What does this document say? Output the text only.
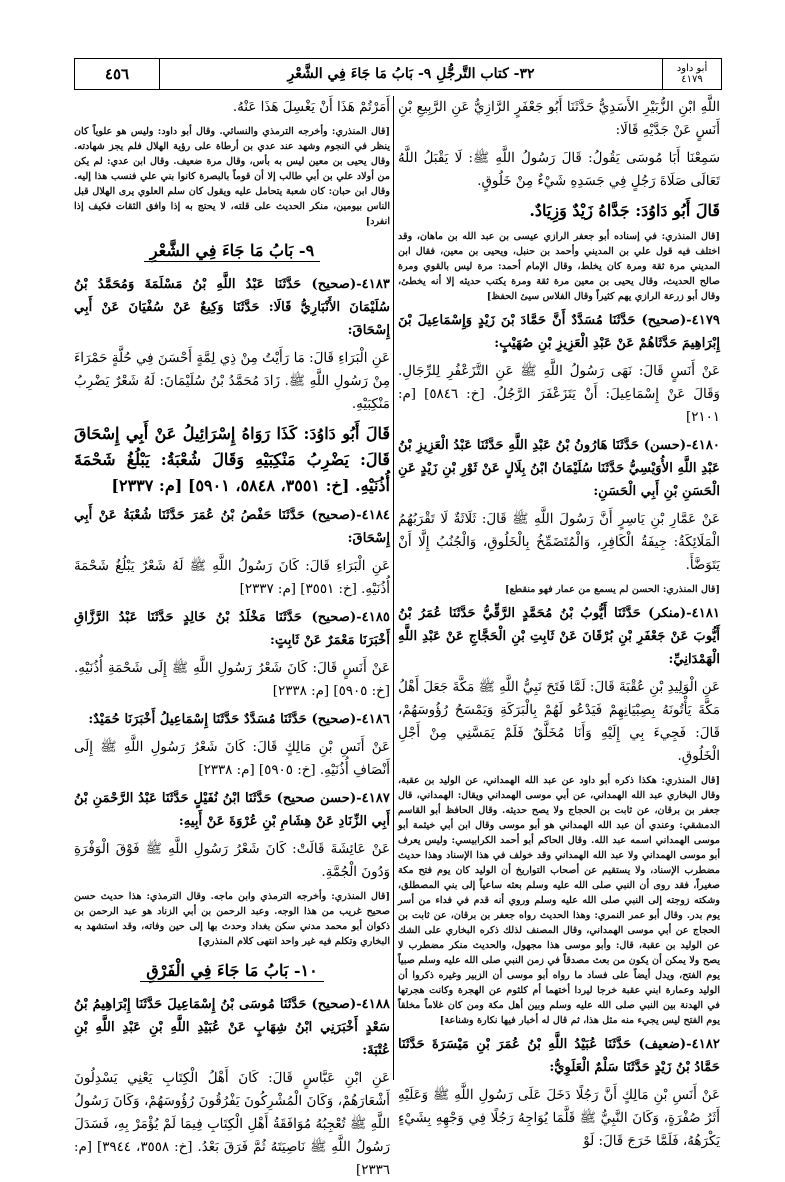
أبو داود
٤١٧٩
٣٢- كتاب التَّرجُّلِ ٩- بَابُ مَا جَاءَ فِي الشَّعْرِ
٤٥٦
اللَّهِ ابْنِ الزُّبَيْرِ الأَسَدِيُّ حَدَّثَنَا أَبُو جَعْفَرٍ الرَّازِيُّ عَنِ الرَّبِيعِ بْنِ أَنَسٍ عَنْ جَدَّيْهِ قَالَا:
سَمِعْنَا أَبَا مُوسَى يَقُولُ: قَالَ رَسُولُ اللَّهِ ﷺ: لَا يَقْبَلُ اللَّهُ تَعَالَى صَلَاةَ رَجُلٍ فِي جَسَدِهِ شَيْءٌ مِنْ خَلُوقٍ.
قَالَ أَبُو دَاوُدَ: جَدَّاهُ زَيْدٌ وَزِيَادٌ.
[قال المنذري: في إسناده أبو جعفر الرازي عيسى بن عبد الله بن ماهان، وقد اختلف فيه قول علي بن المديني وأحمد بن حنبل، ويحيى بن معين، فقال ابن المديني مرة ثقة ومرة كان يخلط، وقال الإمام أحمد: مرة ليس بالقوي ومرة صالح الحديث، وقال يحيى بن معين مرة ثقة ومرة يكتب حديثه إلا أنه يخطئ، وقال أبو زرعة الرازي يهم كثيراً وقال الفلاس سيئ الحفظ]
٤١٧٩-(صحيح) حَدَّثَنَا مُسَدَّدٌ أَنَّ حَمَّادَ بْنَ زَيْدٍ وَإِسْمَاعِيلَ بْنَ إِبْرَاهِيمَ حَدَّثَاهُمْ عَنْ عَبْدِ الْعَزِيزِ بْنِ صُهَيْبٍ:
عَنْ أَنَسٍ قَالَ: نَهَى رَسُولُ اللَّهِ ﷺ عَنِ التَّزَعْفُرِ لِلرِّجَالِ. وَقَالَ عَنْ إِسْمَاعِيلَ: أَنْ يَتَزَعْفَرَ الرَّجُلُ. [خ: ٥٨٤٦] [م: ٢١٠١]
٤١٨٠-(حسن) حَدَّثَنَا هَارُونُ بْنُ عَبْدِ اللَّهِ حَدَّثَنَا عَبْدُ الْعَزِيزِ بْنُ عَبْدِ اللَّهِ الأُوَيْسِيُّ حَدَّثَنَا سُلَيْمَانُ ابْنُ بِلَالٍ عَنْ ثَوْرِ بْنِ زَيْدٍ عَنِ الْحَسَنِ بْنِ أَبِي الْحَسَنِ:
عَنْ عَمَّارِ بْنِ يَاسِرٍ أَنَّ رَسُولَ اللَّهِ ﷺ قَالَ: ثَلَاثَةٌ لَا تَقْرَبُهُمُ الْمَلَائِكَةُ: جِيفَةُ الْكَافِرِ، وَالْمُتَضَمِّخُ بِالْخَلُوقِ، وَالْجُنُبُ إِلَّا أَنْ يَتَوَضَّأَ.
[قال المنذري: الحسن لم يسمع من عمار فهو منقطع]
٤١٨١-(منكر) حَدَّثَنَا أَيُّوبُ بْنُ مُحَمَّدٍ الرَّقِّيُّ حَدَّثَنَا عُمَرُ بْنُ أَيُّوبَ عَنْ جَعْفَرِ بْنِ بُرْقَانَ عَنْ ثَابِتِ بْنِ الْحَجَّاجِ عَنْ عَبْدِ اللَّهِ الْهَمْدَانِيِّ:
عَنِ الْوَلِيدِ بْنِ عُقْبَةَ قَالَ: لَمَّا فَتَحَ نَبِيُّ اللَّهِ ﷺ مَكَّةَ جَعَلَ أَهْلُ مَكَّةَ يَأْتُونَهُ بِصِبْيَانِهِمْ فَيَدْعُو لَهُمْ بِالْبَرَكَةِ وَيَمْسَحُ رُؤُوسَهُمْ، قَالَ: فَجِيءَ بِي إِلَيْهِ وَأَنَا مُخَلَّقٌ فَلَمْ يَمَسَّنِي مِنْ أَجْلِ الْخَلُوقِ.
[قال المنذري: هكذا ذكره أبو داود عن عبد الله الهمداني، عن الوليد بن عقبة، وقال البخاري عبد الله الهمداني، عن أبي موسى الهمداني ويقال: الهمداني، قال جعفر بن برقان، عن ثابت بن الحجاج ولا يصح حديثه. وقال الحافظ أبو القاسم الدمشقي: وعندي أن عبد الله الهمداني هو أبو موسى وقال ابن أبي خيثمة أبو موسى الهمداني اسمه عبد الله. وقال الحاكم أبو أحمد الكرابيسي: وليس يعرف أبو موسى الهمداني ولا عبد الله الهمداني وقد خولف في هذا الإسناد وهذا حديث مضطرب الإسناد، ولا يستقيم عن أصحاب التواريخ أن الوليد كان يوم فتح مكة صغيراً، فقد روى أن النبي صلى الله عليه وسلم بعثه ساعياً إلى بني المصطلق، وشكته زوجته إلى النبي صلى الله عليه وسلم وروي أنه قدم في فداء من أسر يوم بدر. وقال أبو عمر النمري: وهذا الحديث رواه جعفر بن برقان، عن ثابت بن الحجاج عن أبي موسى الهمداني، وقال المصنف لذلك ذكره البخاري على الشك عن الوليد بن عقبة، قال: وأبو موسى هذا مجهول، والحديث منكر مضطرب لا يصح ولا يمكن أن يكون من بعث مصدقاً في زمن النبي صلى الله عليه وسلم صبياً يوم الفتح، ويدل أيضاً على فساد ما رواه أبو موسى أن الزبير وغيره ذكروا أن الوليد وعمارة ابني عقبة خرجا ليردا أختهما أم كلثوم عن الهجرة وكانت هجرتها في الهدنة بين النبي صلى الله عليه وسلم وبين أهل مكة ومن كان غلاماً مخلقاً يوم الفتح ليس يجيء منه مثل هذا، ثم قال له أخبار فيها نكارة وشناعة]
٤١٨٢-(ضعيف) حَدَّثَنَا عُبَيْدُ اللَّهِ بْنُ عُمَرَ بْنِ مَيْسَرَةَ حَدَّثَنَا حَمَّادُ بْنُ زَيْدٍ حَدَّثَنَا سَلْمٌ الْعَلَوِيُّ:
عَنْ أَنَسِ بْنِ مَالِكٍ أَنَّ رَجُلًا دَخَلَ عَلَى رَسُولِ اللَّهِ ﷺ وَعَلَيْهِ أَثَرُ صُفْرَةٍ، وَكَانَ النَّبِيُّ ﷺ قَلَّمَا يُوَاجِهُ رَجُلًا فِي وَجْهِهِ بِشَيْءٍ يَكْرَهُهُ، فَلَمَّا خَرَجَ قَالَ: لَوْ
أَمَرْتُمْ هَذَا أَنْ يَغْسِلَ هَذَا عَنْهُ.
[قال المنذري: وأخرجه الترمذي والنسائي. وقال أبو داود: وليس هو علوياً كان ينظر في النجوم وشهد عند عدي بن أرطاة على رؤية الهلال فلم يجز شهادته. وقال يحيى بن معين ليس به بأس، وقال مرة ضعيف. وقال ابن عدي: لم يكن من أولاد علي بن أبي طالب إلا أن قوماً بالبصرة كانوا بني علي فنسب هذا إليه. وقال ابن حبان: كان شعبة يتحامل عليه ويقول كان سلم العلوي يرى الهلال قبل الناس بيومين، منكر الحديث على قلته، لا يحتج به إذا وافق الثقات فكيف إذا انفرد]
٩- بَابُ مَا جَاءَ فِي الشَّعْرِ
٤١٨٣-(صحيح) حَدَّثَنَا عَبْدُ اللَّهِ بْنُ مَسْلَمَةَ وَمُحَمَّدُ بْنُ سُلَيْمَانَ الأَنْبَارِيُّ قَالَا: حَدَّثَنَا وَكِيعٌ عَنْ سُفْيَانَ عَنْ أَبِي إِسْحَاقَ:
عَنِ الْبَرَاءِ قَالَ: مَا رَأَيْتُ مِنْ ذِي لِمَّةٍ أَحْسَنَ فِي حُلَّةٍ حَمْرَاءَ مِنْ رَسُولِ اللَّهِ ﷺ. زَادَ مُحَمَّدُ بْنُ سُلَيْمَانَ: لَهُ شَعْرٌ يَضْرِبُ مَنْكِبَيْهِ.
قَالَ أَبُو دَاوُدَ: كَذَا رَوَاهُ إِسْرَائِيلُ عَنْ أَبِي إِسْحَاقَ قَالَ: يَضْرِبُ مَنْكِبَيْهِ وَقَالَ شُعْبَةُ: يَبْلُغُ شَحْمَةَ أُذُنَيْهِ. [خ: ٣٥٥١، ٥٨٤٨، ٥٩٠١] [م: ٢٣٣٧]
٤١٨٤-(صحيح) حَدَّثَنَا حَفْصُ بْنُ عُمَرَ حَدَّثَنَا شُعْبَةُ عَنْ أَبِي إِسْحَاقَ:
عَنِ الْبَرَاءِ قَالَ: كَانَ رَسُولُ اللَّهِ ﷺ لَهُ شَعْرٌ يَبْلُغُ شَحْمَةَ أُذُنَيْهِ. [خ: ٣٥٥١] [م: ٢٣٣٧]
٤١٨٥-(صحيح) حَدَّثَنَا مَخْلَدُ بْنُ خَالِدٍ حَدَّثَنَا عَبْدُ الرَّزَّاقِ أَخْبَرَنَا مَعْمَرٌ عَنْ ثَابِتٍ:
عَنْ أَنَسٍ قَالَ: كَانَ شَعْرُ رَسُولِ اللَّهِ ﷺ إِلَى شَحْمَةِ أُذُنَيْهِ. [خ: ٥٩٠٥] [م: ٢٣٣٨]
٤١٨٦-(صحيح) حَدَّثَنَا مُسَدَّدٌ حَدَّثَنَا إِسْمَاعِيلُ أَخْبَرَنَا حُمَيْدٌ:
عَنْ أَنَسِ بْنِ مَالِكٍ قَالَ: كَانَ شَعْرُ رَسُولِ اللَّهِ ﷺ إِلَى أَنْصَافِ أُذُنَيْهِ. [خ: ٥٩٠٥] [م: ٢٣٣٨]
٤١٨٧-(حسن صحيح) حَدَّثَنَا ابْنُ نُفَيْلٍ حَدَّثَنَا عَبْدُ الرَّحْمَنِ بْنُ أَبِي الزِّنَادِ عَنْ هِشَامِ بْنِ عُرْوَةَ عَنْ أَبِيهِ:
عَنْ عَائِشَةَ قَالَتْ: كَانَ شَعْرُ رَسُولِ اللَّهِ ﷺ فَوْقَ الْوَفْرَةِ وَدُونَ الْجُمَّةِ.
[قال المنذري: وأخرجه الترمذي وابن ماجه. وقال الترمذي: هذا حديث حسن صحيح غريب من هذا الوجه. وعبد الرحمن بن أبي الزناد هو عبد الرحمن بن ذكوان أبو محمد مدني سكن بغداد وحدث بها إلى حين وفاته، وقد استشهد به البخاري وتكلم فيه غير واحد انتهى كلام المنذري]
١٠- بَابُ مَا جَاءَ فِي الْفَرْقِ
٤١٨٨-(صحيح) حَدَّثَنَا مُوسَى بْنُ إِسْمَاعِيلَ حَدَّثَنَا إِبْرَاهِيمُ بْنُ سَعْدٍ أَخْبَرَنِي ابْنُ شِهَابٍ عَنْ عُبَيْدِ اللَّهِ بْنِ عَبْدِ اللَّهِ بْنِ عُتْبَةَ:
عَنِ ابْنِ عَبَّاسٍ قَالَ: كَانَ أَهْلُ الْكِتَابِ يَعْنِي يَسْدِلُونَ أَشْعَارَهُمْ، وَكَانَ الْمُشْرِكُونَ يَفْرُقُونَ رُؤُوسَهُمْ، وَكَانَ رَسُولُ اللَّهِ ﷺ تُعْجِبُهُ مُوَافَقَةُ أَهْلِ الْكِتَابِ فِيمَا لَمْ يُؤْمَرْ بِهِ، فَسَدَلَ رَسُولُ اللَّهِ ﷺ نَاصِيَتَهُ ثُمَّ فَرَقَ بَعْدُ. [خ: ٣٥٥٨، ٣٩٤٤] [م: ٢٣٣٦]
